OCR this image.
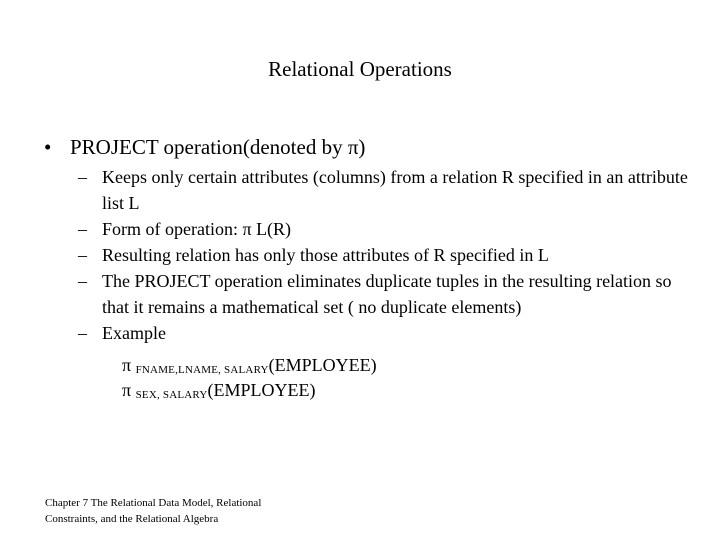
Relational Operations
• PROJECT operation(denoted by π)
– Keeps only certain attributes (columns) from a relation R specified in an attribute list L
– Form of operation: π L(R)
– Resulting relation has only those attributes of R specified in L
– The PROJECT operation eliminates duplicate tuples in the resulting relation so that it remains a mathematical set ( no duplicate elements)
– Example
π $_{FNAME,LNAME, SALARY}$(EMPLOYEE)
π $_{SEX, SALARY}$(EMPLOYEE)
Chapter 7 The Relational Data Model, Relational
Constraints, and the Relational Algebra
